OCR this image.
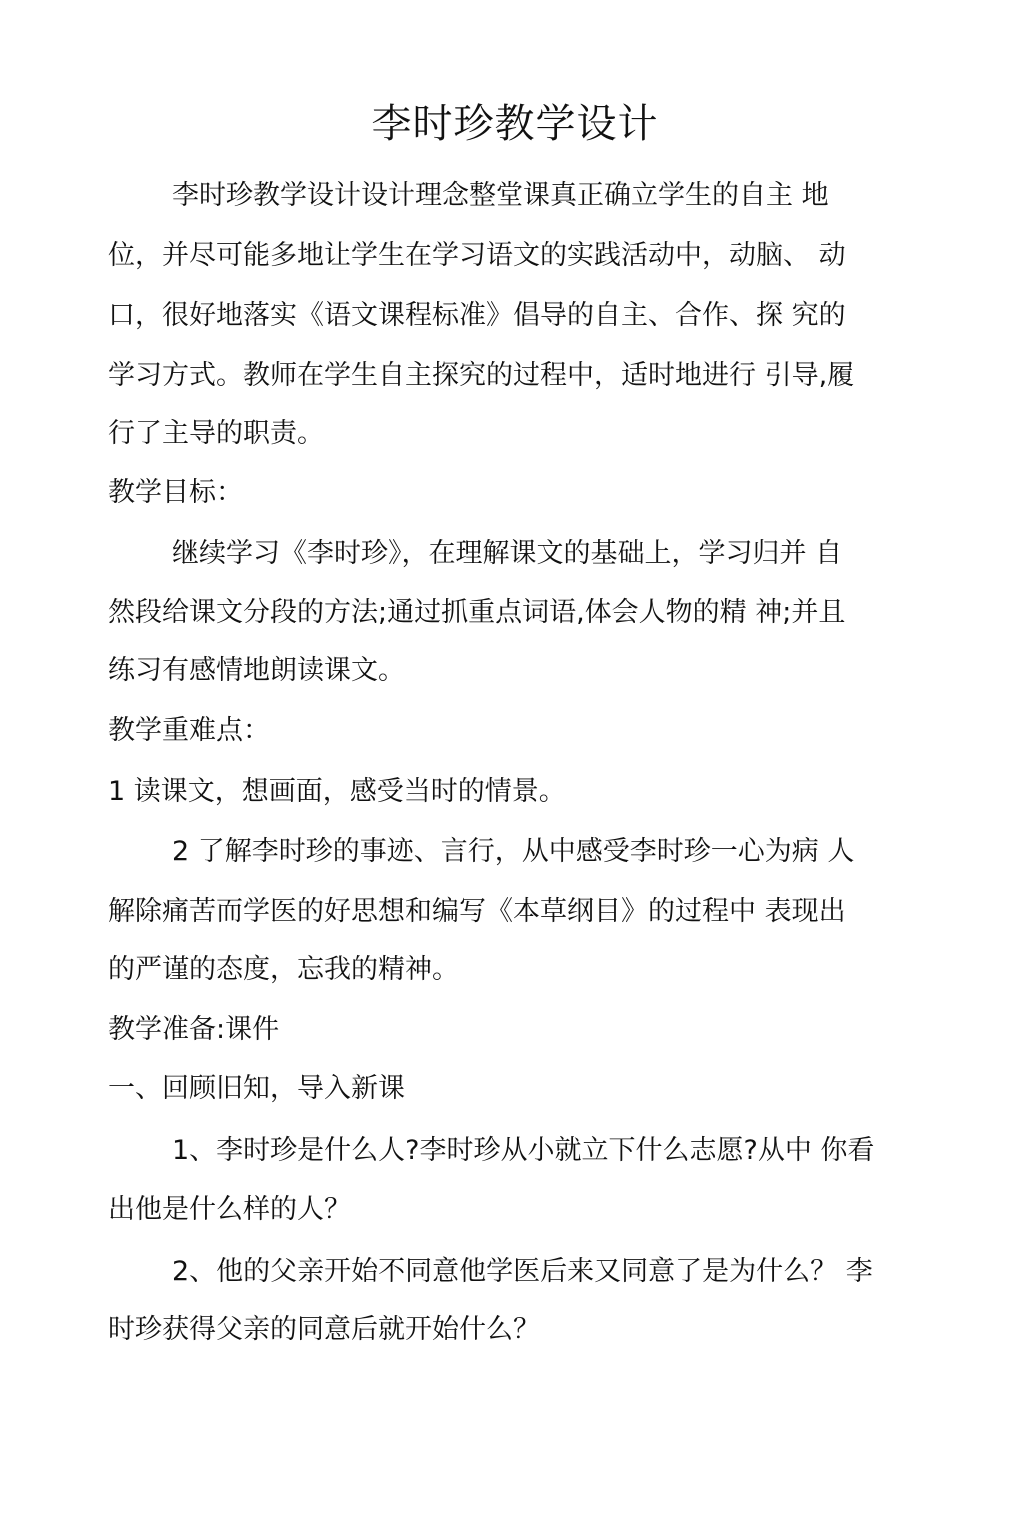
李时珍教学设计
李时珍教学设计设计理念整堂课真正确立学生的自主 地
位，并尽可能多地让学生在学习语文的实践活动中，动脑、 动
口，很好地落实《语文课程标准》倡导的自主、合作、探 究的
学习方式。教师在学生自主探究的过程中，适时地进行 引导,履
行了主导的职责。
教学目标：
继续学习《李时珍》，在理解课文的基础上，学习归并 自
然段给课文分段的方法;通过抓重点词语,体会人物的精 神;并且
练习有感情地朗读课文。
教学重难点：
1 读课文，想画面，感受当时的情景。
2 了解李时珍的事迹、言行，从中感受李时珍一心为病 人
解除痛苦而学医的好思想和编写《本草纲目》的过程中 表现出
的严谨的态度，忘我的精神。
教学准备:课件
一、回顾旧知，导入新课
1、李时珍是什么人?李时珍从小就立下什么志愿?从中 你看
出他是什么样的人？
2、他的父亲开始不同意他学医后来又同意了是为什么？ 李
时珍获得父亲的同意后就开始什么？
